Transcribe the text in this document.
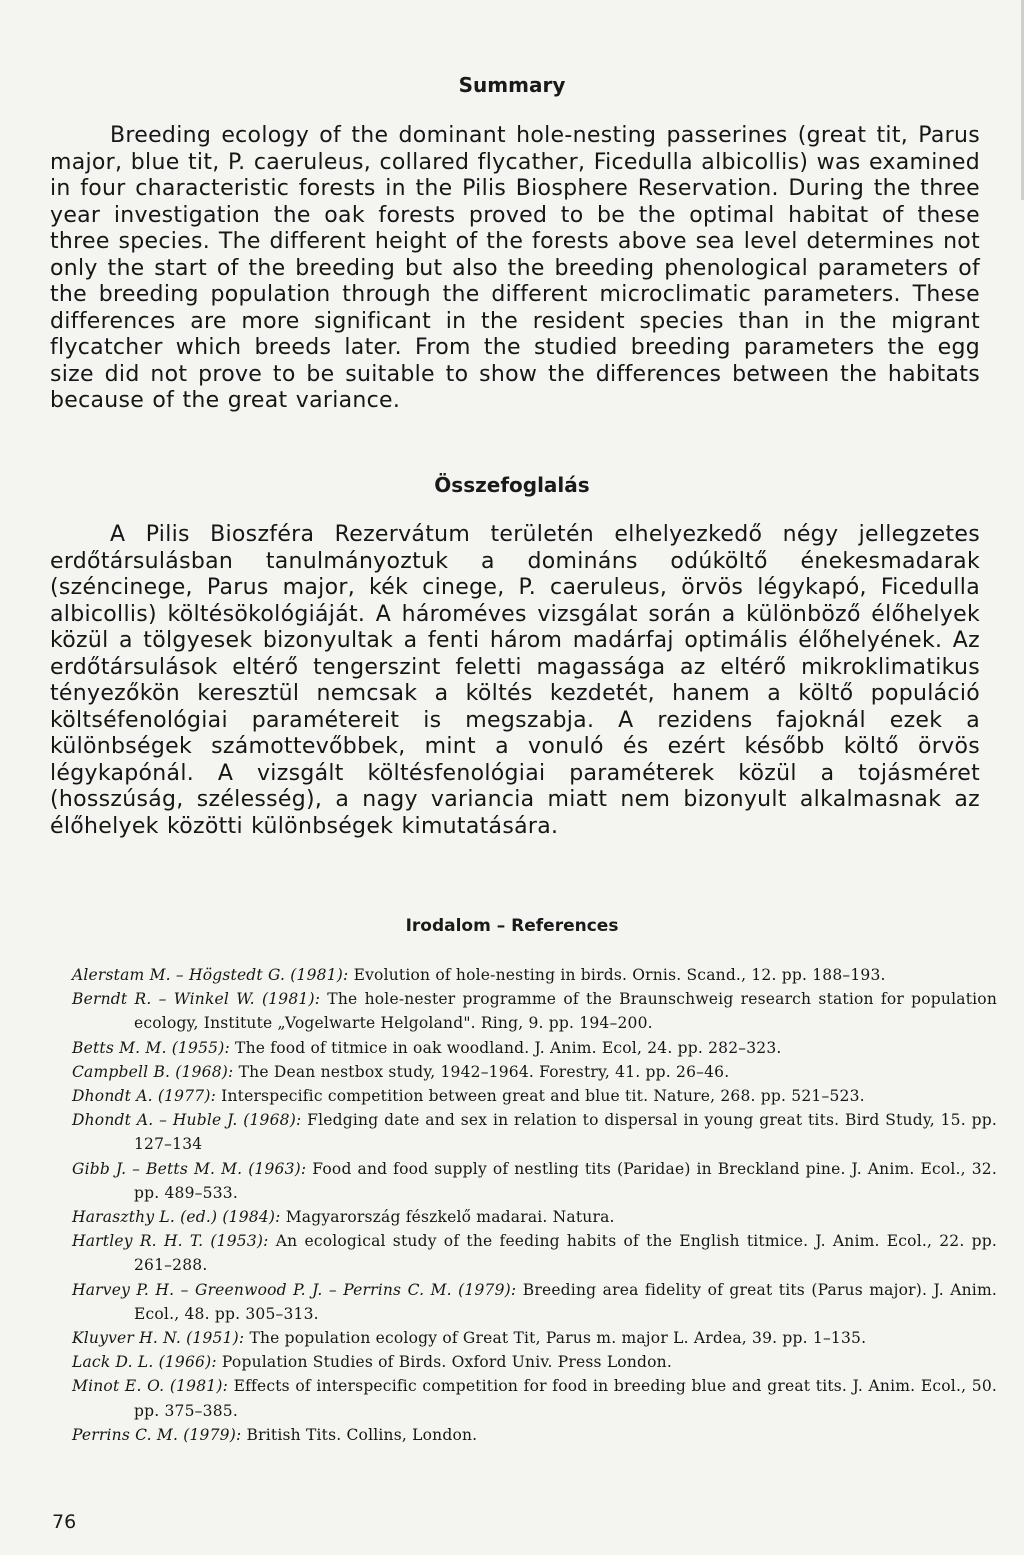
Summary

Breeding ecology of the dominant hole-nesting passerines (great tit, Parus major, blue tit, P. caeruleus, collared flycather, Ficedulla albicollis) was examined in four characteristic forests in the Pilis Biosphere Reservation. During the three year investigation the oak forests proved to be the optimal habitat of these three species. The different height of the forests above sea level determines not only the start of the breeding but also the breeding phenological parameters of the breeding population through the different microclimatic parameters. These differences are more significant in the resident species than in the migrant flycatcher which breeds later. From the studied breeding parameters the egg size did not prove to be suitable to show the differences between the habitats because of the great variance.

Összefoglalás

A Pilis Bioszféra Rezervátum területén elhelyezkedő négy jellegzetes erdőtársulásban tanulmányoztuk a domináns odúköltő énekesmadarak (széncinege, Parus major, kék cinege, P. caeruleus, örvös légykapó, Ficedulla albicollis) költésökológiáját. A hároméves vizsgálat során a különböző élőhelyek közül a tölgyesek bizonyultak a fenti három madárfaj optimális élőhelyének. Az erdőtársulások eltérő tengerszint feletti magassága az eltérő mikroklimatikus tényezőkön keresztül nemcsak a költés kezdetét, hanem a költő populáció költséfenológiai paramétereit is megszabja. A rezidens fajoknál ezek a különbségek számottevőbbek, mint a vonuló és ezért később költő örvös légykapónál. A vizsgált költésfenológiai paraméterek közül a tojásméret (hosszúság, szélesség), a nagy variancia miatt nem bizonyult alkalmasnak az élőhelyek közötti különbségek kimutatására.

Irodalom – References
Alerstam M. – Högstedt G. (1981): Evolution of hole-nesting in birds. Ornis. Scand., 12. pp. 188–193.
Berndt R. – Winkel W. (1981): The hole-nester programme of the Braunschweig research station for population ecology, Institute „Vogelwarte Helgoland". Ring, 9. pp. 194–200.
Betts M. M. (1955): The food of titmice in oak woodland. J. Anim. Ecol, 24. pp. 282–323.
Campbell B. (1968): The Dean nestbox study, 1942–1964. Forestry, 41. pp. 26–46.
Dhondt A. (1977): Interspecific competition between great and blue tit. Nature, 268. pp. 521–523.
Dhondt A. – Huble J. (1968): Fledging date and sex in relation to dispersal in young great tits. Bird Study, 15. pp. 127–134
Gibb J. – Betts M. M. (1963): Food and food supply of nestling tits (Paridae) in Breckland pine. J. Anim. Ecol., 32. pp. 489–533.
Haraszthy L. (ed.) (1984): Magyarország fészkelő madarai. Natura.
Hartley R. H. T. (1953): An ecological study of the feeding habits of the English titmice. J. Anim. Ecol., 22. pp. 261–288.
Harvey P. H. – Greenwood P. J. – Perrins C. M. (1979): Breeding area fidelity of great tits (Parus major). J. Anim. Ecol., 48. pp. 305–313.
Kluyver H. N. (1951): The population ecology of Great Tit, Parus m. major L. Ardea, 39. pp. 1–135.
Lack D. L. (1966): Population Studies of Birds. Oxford Univ. Press London.
Minot E. O. (1981): Effects of interspecific competition for food in breeding blue and great tits. J. Anim. Ecol., 50. pp. 375–385.
Perrins C. M. (1979): British Tits. Collins, London.
76
